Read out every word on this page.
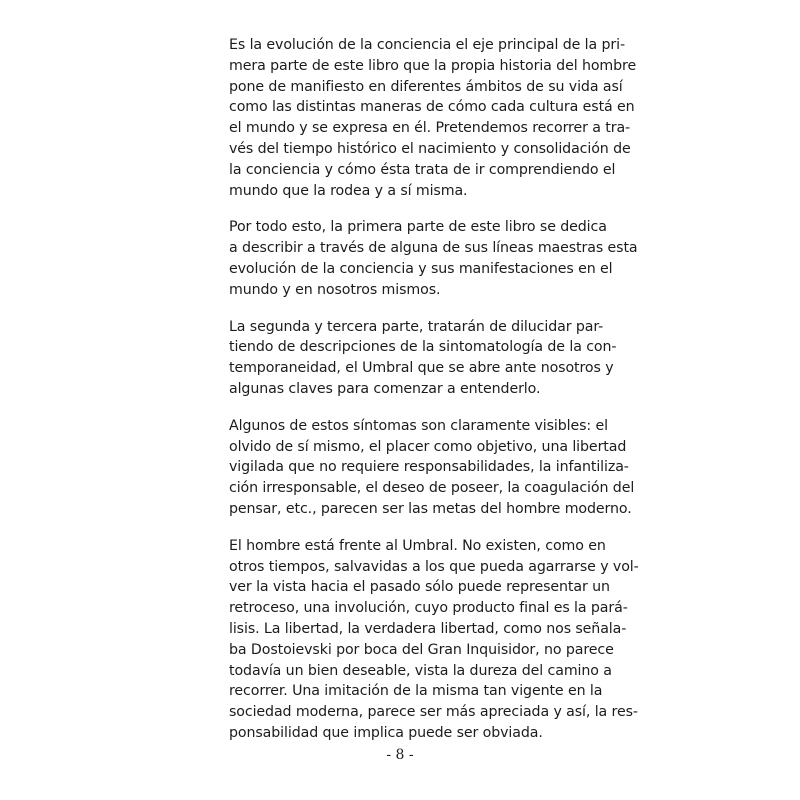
Es la evolución de la conciencia el eje principal de la pri-
mera parte de este libro que la propia historia del hombre
pone de manifiesto en diferentes ámbitos de su vida así
como las distintas maneras de cómo cada cultura está en
el mundo y se expresa en él. Pretendemos recorrer a tra-
vés del tiempo histórico el nacimiento y consolidación de
la conciencia y cómo ésta trata de ir comprendiendo el
mundo que la rodea y a sí misma.

Por todo esto, la primera parte de este libro se dedica
a describir a través de alguna de sus líneas maestras esta
evolución de la conciencia y sus manifestaciones en el
mundo y en nosotros mismos.

La segunda y tercera parte, tratarán de dilucidar par-
tiendo de descripciones de la sintomatología de la con-
temporaneidad, el Umbral que se abre ante nosotros y
algunas claves para comenzar a entenderlo.

Algunos de estos síntomas son claramente visibles: el
olvido de sí mismo, el placer como objetivo, una libertad
vigilada que no requiere responsabilidades, la infantiliza-
ción irresponsable, el deseo de poseer, la coagulación del
pensar, etc., parecen ser las metas del hombre moderno.

El hombre está frente al Umbral. No existen, como en
otros tiempos, salvavidas a los que pueda agarrarse y vol-
ver la vista hacia el pasado sólo puede representar un
retroceso, una involución, cuyo producto final es la pará-
lisis. La libertad, la verdadera libertad, como nos señala-
ba Dostoievski por boca del Gran Inquisidor, no parece
todavía un bien deseable, vista la dureza del camino a
recorrer. Una imitación de la misma tan vigente en la
sociedad moderna, parece ser más apreciada y así, la res-
ponsabilidad que implica puede ser obviada.

- 8 -
